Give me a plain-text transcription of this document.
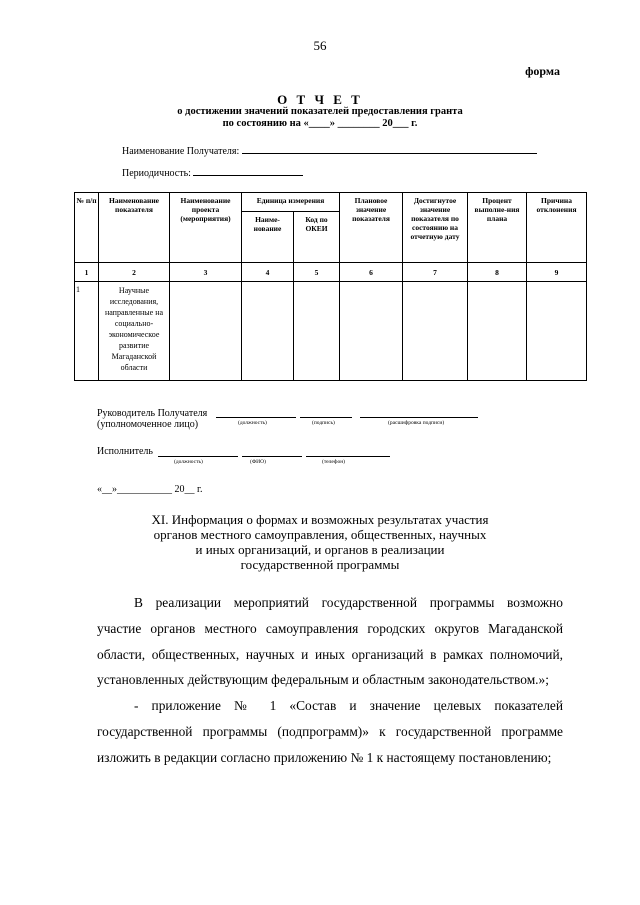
56
форма
О Т Ч Е Т
о достижении значений показателей предоставления гранта
по состоянию на «____» ________ 20___ г.
Наименование Получателя:
Периодичность:
№ п/п	Наименование показателя	Наименование проекта (мероприятия)	Единица измерения		Плановое значение показателя	Достигнутое значение показателя по состоянию на отчетную дату	Процент выполне-ния плана	Причина отклонения
			Наиме-нование	Код по ОКЕИ				
1	2	3	4	5	6	7	8	9
1	Научные исследования, направленные на социально-экономическое развитие Магаданской области							
Руководитель Получателя
(уполномоченное лицо)	(должность)	(подпись)	(расшифровка подписи)
Исполнитель
(должность)	(ФИО)	(телефон)
«__»___________ 20__ г.
XI. Информация о формах и возможных результатах участия
органов местного самоуправления, общественных, научных
и иных организаций, и органов в реализации
государственной программы

В реализации мероприятий государственной программы возможно участие органов местного самоуправления городских округов Магаданской области, общественных, научных и иных организаций в рамках полномочий, установленных действующим федеральным и областным законодательством.»;

- приложение № 1 «Состав и значение целевых показателей государственной программы (подпрограмм)» к государственной программе изложить в редакции согласно приложению № 1 к настоящему постановлению;
